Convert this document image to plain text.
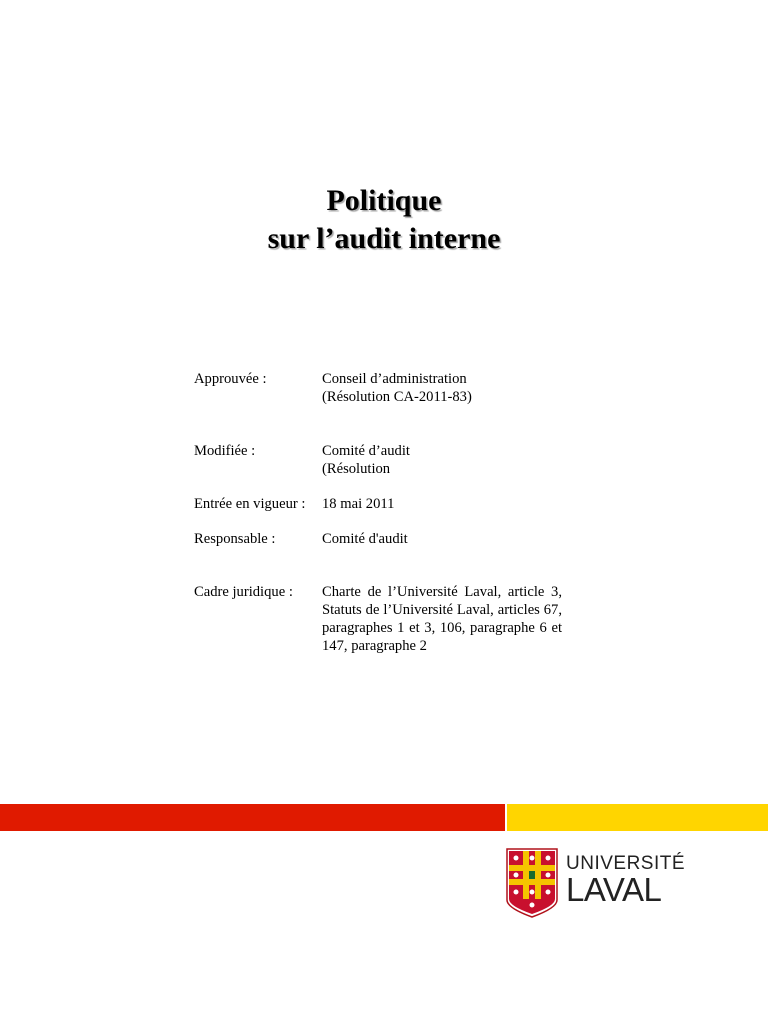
Politique
sur l’audit interne
Approuvée :	Conseil d’administration
(Résolution CA-2011-83)
Modifiée :	Comité d’audit
(Résolution
Entrée en vigueur :	18 mai 2011
Responsable :	Comité d'audit
Cadre juridique :	Charte de l’Université Laval, article 3, Statuts de l’Université Laval, articles 67, paragraphes 1 et 3, 106, paragraphe 6 et 147, paragraphe 2
UNIVERSITÉ
LAVAL
